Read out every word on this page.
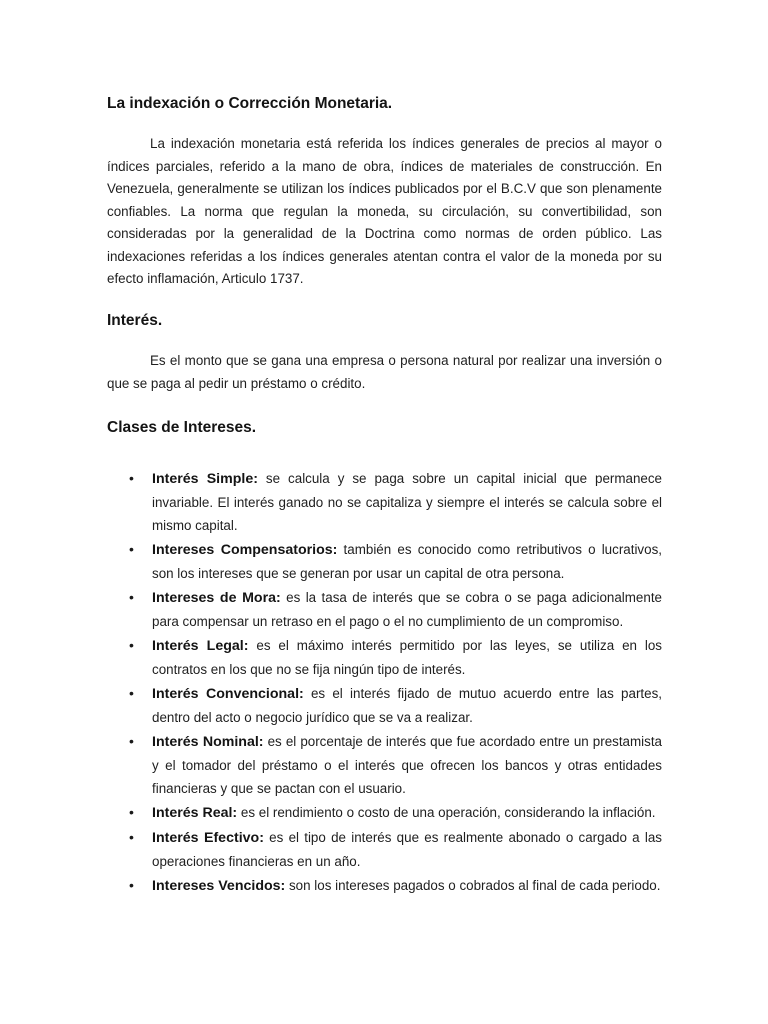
La indexación o Corrección Monetaria.
La indexación monetaria está referida los índices generales de precios al mayor o índices parciales, referido a la mano de obra, índices de materiales de construcción. En Venezuela, generalmente se utilizan los índices publicados por el B.C.V que son plenamente confiables. La norma que regulan la moneda, su circulación, su convertibilidad, son consideradas por la generalidad de la Doctrina como normas de orden público. Las indexaciones referidas a los índices generales atentan contra el valor de la moneda por su efecto inflamación, Articulo 1737.
Interés.
Es el monto que se gana una empresa o persona natural por realizar una inversión o que se paga al pedir un préstamo o crédito.
Clases de Intereses.
• Interés Simple: se calcula y se paga sobre un capital inicial que permanece invariable. El interés ganado no se capitaliza y siempre el interés se calcula sobre el mismo capital.
• Intereses Compensatorios: también es conocido como retributivos o lucrativos, son los intereses que se generan por usar un capital de otra persona.
• Intereses de Mora: es la tasa de interés que se cobra o se paga adicionalmente para compensar un retraso en el pago o el no cumplimiento de un compromiso.
• Interés Legal: es el máximo interés permitido por las leyes, se utiliza en los contratos en los que no se fija ningún tipo de interés.
• Interés Convencional: es el interés fijado de mutuo acuerdo entre las partes, dentro del acto o negocio jurídico que se va a realizar.
• Interés Nominal: es el porcentaje de interés que fue acordado entre un prestamista y el tomador del préstamo o el interés que ofrecen los bancos y otras entidades financieras y que se pactan con el usuario.
• Interés Real: es el rendimiento o costo de una operación, considerando la inflación.
• Interés Efectivo: es el tipo de interés que es realmente abonado o cargado a las operaciones financieras en un año.
• Intereses Vencidos: son los intereses pagados o cobrados al final de cada periodo.
